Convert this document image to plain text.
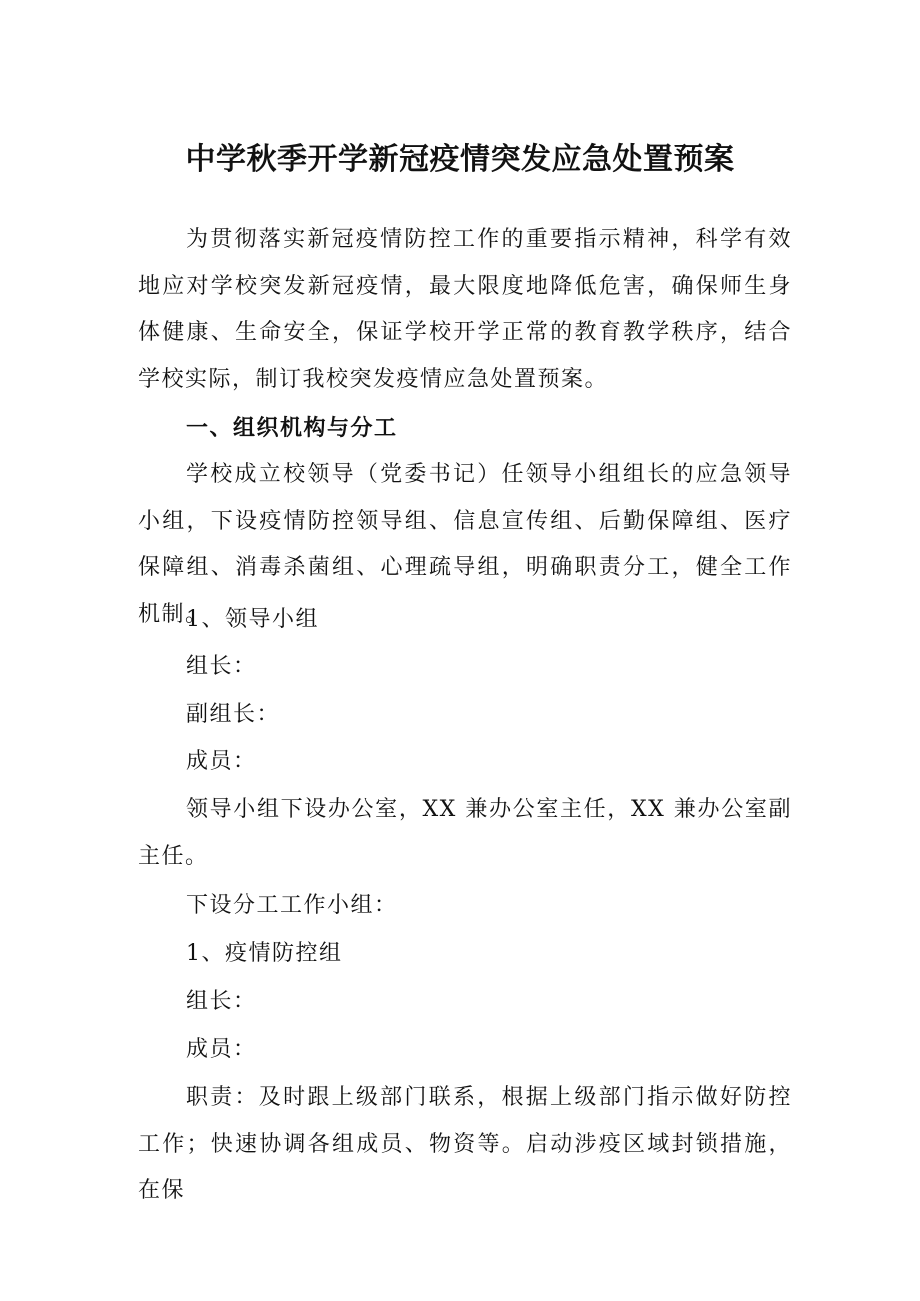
中学秋季开学新冠疫情突发应急处置预案

为贯彻落实新冠疫情防控工作的重要指示精神，科学有效地应对学校突发新冠疫情，最大限度地降低危害，确保师生身体健康、生命安全，保证学校开学正常的教育教学秩序，结合学校实际，制订我校突发疫情应急处置预案。

一、组织机构与分工

学校成立校领导（党委书记）任领导小组组长的应急领导小组，下设疫情防控领导组、信息宣传组、后勤保障组、医疗保障组、消毒杀菌组、心理疏导组，明确职责分工，健全工作机制。

1、领导小组

组长：

副组长：

成员：

领导小组下设办公室，XX 兼办公室主任，XX 兼办公室副主任。

下设分工工作小组：

1、疫情防控组

组长：

成员：

职责：及时跟上级部门联系，根据上级部门指示做好防控工作；快速协调各组成员、物资等。启动涉疫区域封锁措施，在保
